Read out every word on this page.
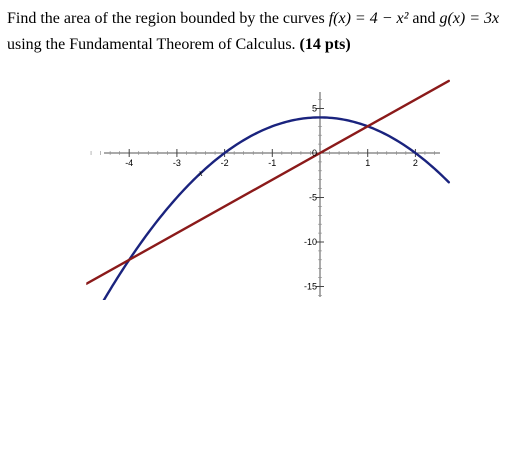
Find the area of the region bounded by the curves f(x) = 4 − x² and g(x) = 3x
using the Fundamental Theorem of Calculus. (14 pts)
-4	-3	-2	-1	1	2
5
0
-5
-10
-15
x
